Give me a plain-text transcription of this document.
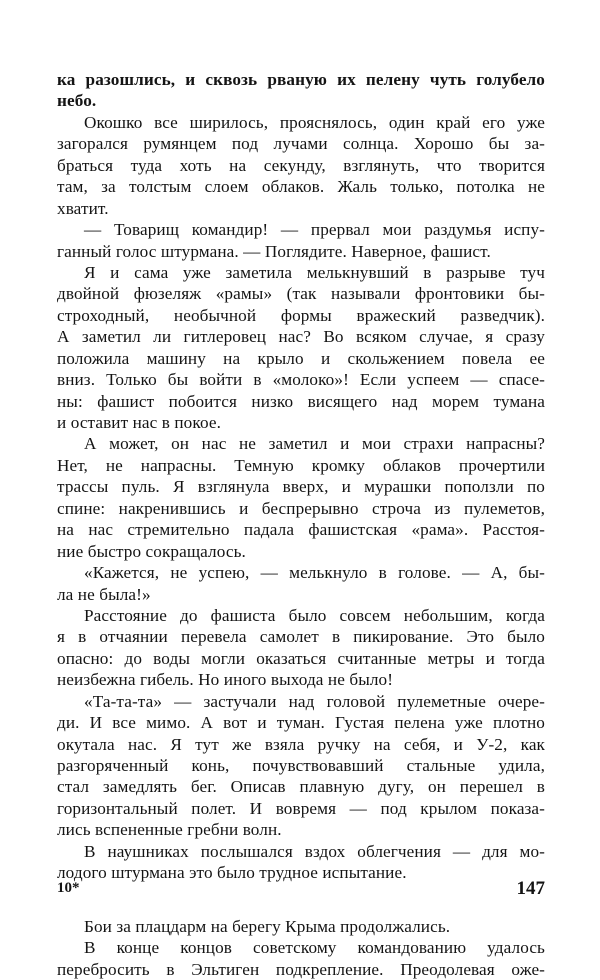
ка разошлись, и сквозь рваную их пелену чуть голубело
небо.
Окошко все ширилось, прояснялось, один край его уже
загорался румянцем под лучами солнца. Хорошо бы за-
браться туда хоть на секунду, взглянуть, что творится
там, за толстым слоем облаков. Жаль только, потолка не
хватит.
— Товарищ командир! — прервал мои раздумья испу-
ганный голос штурмана. — Поглядите. Наверное, фашист.
Я и сама уже заметила мелькнувший в разрыве туч
двойной фюзеляж «рамы» (так называли фронтовики бы-
строходный, необычной формы вражеский разведчик).
А заметил ли гитлеровец нас? Во всяком случае, я сразу
положила машину на крыло и скольжением повела ее
вниз. Только бы войти в «молоко»! Если успеем — спасе-
ны: фашист побоится низко висящего над морем тумана
и оставит нас в покое.
А может, он нас не заметил и мои страхи напрасны?
Нет, не напрасны. Темную кромку облаков прочертили
трассы пуль. Я взглянула вверх, и мурашки поползли по
спине: накренившись и беспрерывно строча из пулеметов,
на нас стремительно падала фашистская «рама». Расстоя-
ние быстро сокращалось.
«Кажется, не успею, — мелькнуло в голове. — А, бы-
ла не была!»
Расстояние до фашиста было совсем небольшим, когда
я в отчаянии перевела самолет в пикирование. Это было
опасно: до воды могли оказаться считанные метры и тогда
неизбежна гибель. Но иного выхода не было!
«Та-та-та» — застучали над головой пулеметные очере-
ди. И все мимо. А вот и туман. Густая пелена уже плотно
окутала нас. Я тут же взяла ручку на себя, и У-2, как
разгоряченный конь, почувствовавший стальные удила,
стал замедлять бег. Описав плавную дугу, он перешел в
горизонтальный полет. И вовремя — под крылом показа-
лись вспененные гребни волн.
В наушниках послышался вздох облегчения — для мо-
лодого штурмана это было трудное испытание.
Бои за плацдарм на берегу Крыма продолжались.
В конце концов советскому командованию удалось
перебросить в Эльтиген подкрепление. Преодолевая оже-
10*	147
